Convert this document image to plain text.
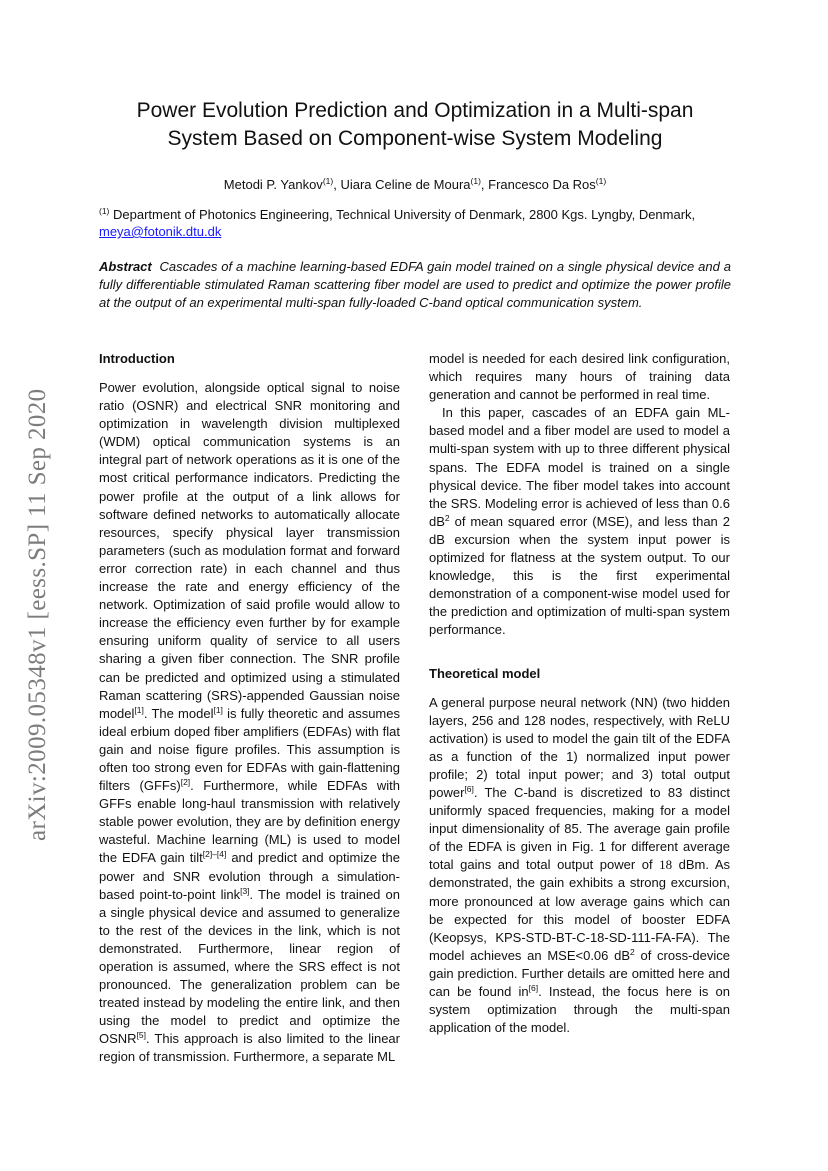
arXiv:2009.05348v1 [eess.SP] 11 Sep 2020
Power Evolution Prediction and Optimization in a Multi-span
System Based on Component-wise System Modeling
Metodi P. Yankov$^{(1)}$, Uiara Celine de Moura$^{(1)}$, Francesco Da Ros$^{(1)}$
$^{(1)}$ Department of Photonics Engineering, Technical University of Denmark, 2800 Kgs. Lyngby, Denmark,
meya@fotonik.dtu.dk
Abstract Cascades of a machine learning-based EDFA gain model trained on a single physical device and a fully differentiable stimulated Raman scattering fiber model are used to predict and optimize the power profile at the output of an experimental multi-span fully-loaded C-band optical communication system.
Introduction

Power evolution, alongside optical signal to noise ratio (OSNR) and electrical SNR monitoring and optimization in wavelength division multiplexed (WDM) optical communication systems is an integral part of network operations as it is one of the most critical performance indicators. Predicting the power profile at the output of a link allows for software defined networks to automatically allocate resources, specify physical layer transmission parameters (such as modulation format and forward error correction rate) in each channel and thus increase the rate and energy efficiency of the network. Optimization of said profile would allow to increase the efficiency even further by for example ensuring uniform quality of service to all users sharing a given fiber connection. The SNR profile can be predicted and optimized using a stimulated Raman scattering (SRS)-appended Gaussian noise model[1]. The model[1] is fully theoretic and assumes ideal erbium doped fiber amplifiers (EDFAs) with flat gain and noise figure profiles. This assumption is often too strong even for EDFAs with gain-flattening filters (GFFs)[2]. Furthermore, while EDFAs with GFFs enable long-haul transmission with relatively stable power evolution, they are by definition energy wasteful. Machine learning (ML) is used to model the EDFA gain tilt[2]–[4] and predict and optimize the power and SNR evolution through a simulation-based point-to-point link[3]. The model is trained on a single physical device and assumed to generalize to the rest of the devices in the link, which is not demonstrated. Furthermore, linear region of operation is assumed, where the SRS effect is not pronounced. The generalization problem can be treated instead by modeling the entire link, and then using the model to predict and optimize the OSNR[5]. This approach is also limited to the linear region of transmission. Furthermore, a separate ML

model is needed for each desired link configuration, which requires many hours of training data generation and cannot be performed in real time.

In this paper, cascades of an EDFA gain ML-based model and a fiber model are used to model a multi-span system with up to three different physical spans. The EDFA model is trained on a single physical device. The fiber model takes into account the SRS. Modeling error is achieved of less than 0.6 $dB^2$ of mean squared error (MSE), and less than 2 dB excursion when the system input power is optimized for flatness at the system output. To our knowledge, this is the first experimental demonstration of a component-wise model used for the prediction and optimization of multi-span system performance.

Theoretical model

A general purpose neural network (NN) (two hidden layers, 256 and 128 nodes, respectively, with ReLU activation) is used to model the gain tilt of the EDFA as a function of the 1) normalized input power profile; 2) total input power; and 3) total output power[6]. The C-band is discretized to 83 distinct uniformly spaced frequencies, making for a model input dimensionality of 85. The average gain profile of the EDFA is given in Fig. 1 for different average total gains and total output power of 18 dBm. As demonstrated, the gain exhibits a strong excursion, more pronounced at low average gains which can be expected for this model of booster EDFA (Keopsys, KPS-STD-BT-C-18-SD-111-FA-FA). The model achieves an MSE<0.06 $dB^2$ of cross-device gain prediction. Further details are omitted here and can be found in[6]. Instead, the focus here is on system optimization through the multi-span application of the model.
